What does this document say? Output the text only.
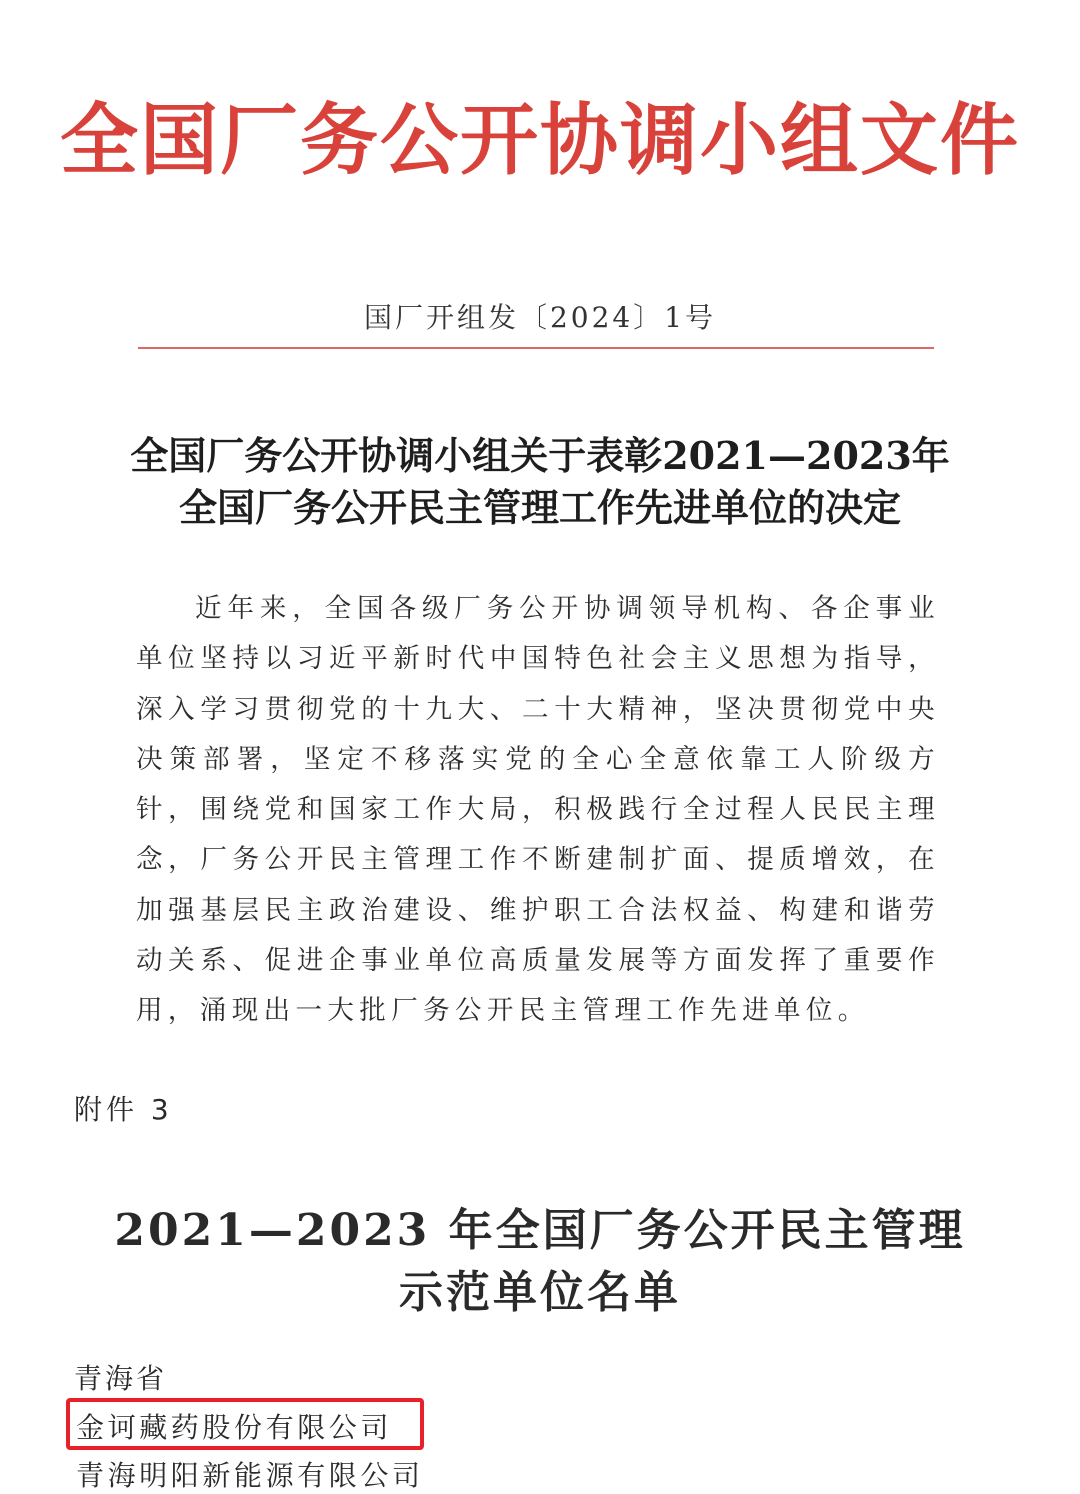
全国厂务公开协调小组文件
国厂开组发〔2024〕1号
全国厂务公开协调小组关于表彰2021—2023年
全国厂务公开民主管理工作先进单位的决定
近年来，全国各级厂务公开协调领导机构、各企事业单位坚持以习近平新时代中国特色社会主义思想为指导，深入学习贯彻党的十九大、二十大精神，坚决贯彻党中央决策部署，坚定不移落实党的全心全意依靠工人阶级方针，围绕党和国家工作大局，积极践行全过程人民民主理念，厂务公开民主管理工作不断建制扩面、提质增效，在加强基层民主政治建设、维护职工合法权益、构建和谐劳动关系、促进企事业单位高质量发展等方面发挥了重要作用，涌现出一大批厂务公开民主管理工作先进单位。
附件 3
2021—2023 年全国厂务公开民主管理
示范单位名单
青海省
金诃藏药股份有限公司
青海明阳新能源有限公司
